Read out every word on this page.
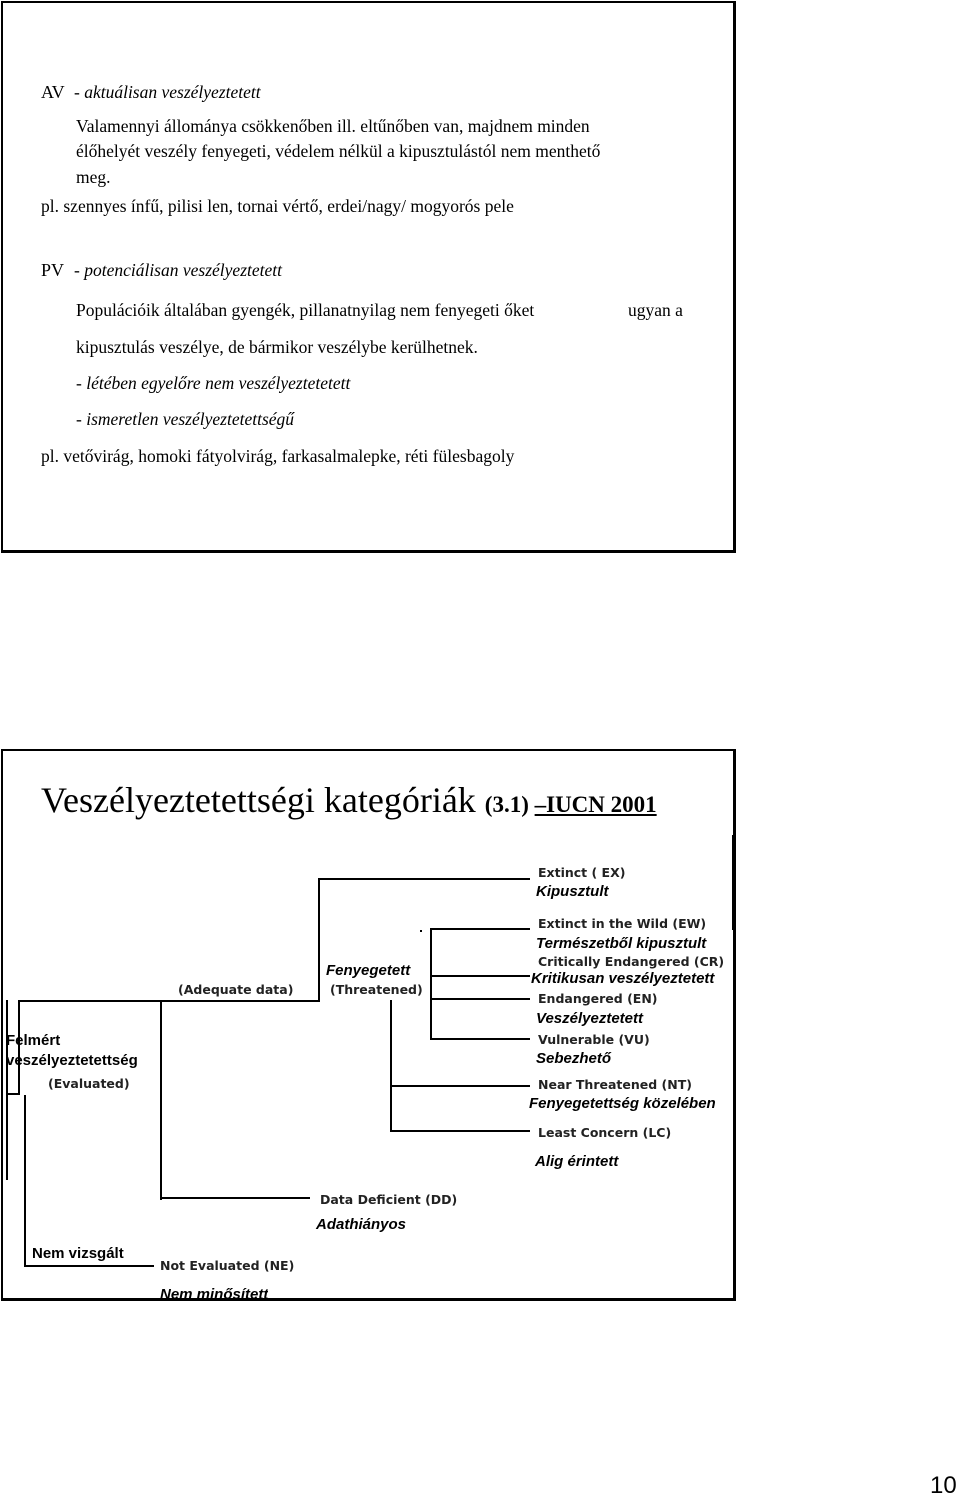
AV - aktuálisan veszélyeztetett
Valamennyi állománya csökkenőben ill. eltűnőben van, majdnem minden
élőhelyét veszély fenyegeti, védelem nélkül a kipusztulástól nem menthető
meg.
pl. szennyes ínfű, pilisi len, tornai vértő, erdei/nagy/ mogyorós pele
PV - potenciálisan veszélyeztetett
Populációik általában gyengék, pillanatnyilag nem fenyegeti őket	ugyan a
kipusztulás veszélye, de bármikor veszélybe kerülhetnek.
- létében egyelőre nem veszélyeztetetett
- ismeretlen veszélyeztetettségű
pl. vetővirág, homoki fátyolvirág, farkasalmalepke, réti fülesbagoly
Veszélyeztetettségi kategóriák (3.1) –IUCN 2001
Felmért
veszélyeztetettség
(Evaluated)
(Adequate data)
Fenyegetett
(Threatened)
Extinct ( EX)
Kipusztult
Extinct in the Wild (EW)
Természetből kipusztult
Critically Endangered (CR)
Kritikusan veszélyeztetett
Endangered (EN)
Veszélyeztetett
Vulnerable (VU)
Sebezhető
Near Threatened (NT)
Fenyegetettség közelében
Least Concern (LC)
Alig érintett
Data Deficient (DD)
Adathiányos
Nem vizsgált
Not Evaluated (NE)
Nem minősített
10
